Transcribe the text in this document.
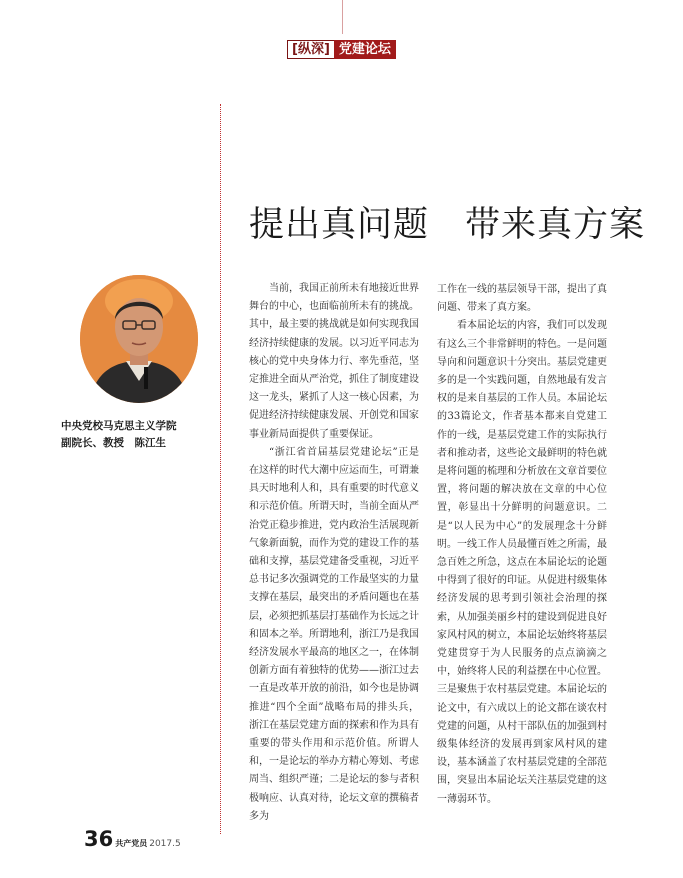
[纵深] 党建论坛
提出真问题　带来真方案
中央党校马克思主义学院
副院长、教授　陈江生

当前，我国正前所未有地接近世界舞台的中心，也面临前所未有的挑战。其中，最主要的挑战就是如何实现我国经济持续健康的发展。以习近平同志为核心的党中央身体力行、率先垂范，坚定推进全面从严治党，抓住了制度建设这一龙头，紧抓了人这一核心因素，为促进经济持续健康发展、开创党和国家事业新局面提供了重要保证。

“浙江省首届基层党建论坛”正是在这样的时代大潮中应运而生，可谓兼具天时地利人和，具有重要的时代意义和示范价值。所谓天时，当前全面从严治党正稳步推进，党内政治生活展现新气象新面貌，而作为党的建设工作的基础和支撑，基层党建备受重视，习近平总书记多次强调党的工作最坚实的力量支撑在基层，最突出的矛盾问题也在基层，必须把抓基层打基础作为长远之计和固本之举。所谓地利，浙江乃是我国经济发展水平最高的地区之一，在体制创新方面有着独特的优势——浙江过去一直是改革开放的前沿，如今也是协调推进“四个全面”战略布局的排头兵，浙江在基层党建方面的探索和作为具有重要的带头作用和示范价值。所谓人和，一是论坛的举办方精心筹划、考虑周当、组织严谨；二是论坛的参与者积极响应、认真对待，论坛文章的撰稿者多为

工作在一线的基层领导干部，提出了真问题、带来了真方案。

看本届论坛的内容，我们可以发现有这么三个非常鲜明的特色。一是问题导向和问题意识十分突出。基层党建更多的是一个实践问题，自然地最有发言权的是来自基层的工作人员。本届论坛的33篇论文，作者基本都来自党建工作的一线，是基层党建工作的实际执行者和推动者，这些论文最鲜明的特色就是将问题的梳理和分析放在文章首要位置，将问题的解决放在文章的中心位置，彰显出十分鲜明的问题意识。二是“以人民为中心”的发展理念十分鲜明。一线工作人员最懂百姓之所需，最急百姓之所急，这点在本届论坛的论题中得到了很好的印证。从促进村级集体经济发展的思考到引领社会治理的探索，从加强美丽乡村的建设到促进良好家风村风的树立，本届论坛始终将基层党建贯穿于为人民服务的点点滴滴之中，始终将人民的利益摆在中心位置。三是聚焦于农村基层党建。本届论坛的论文中，有六成以上的论文都在谈农村党建的问题，从村干部队伍的加强到村级集体经济的发展再到家风村风的建设，基本涵盖了农村基层党建的全部范围，突显出本届论坛关注基层党建的这一薄弱环节。

36 共产党员 2017.5
